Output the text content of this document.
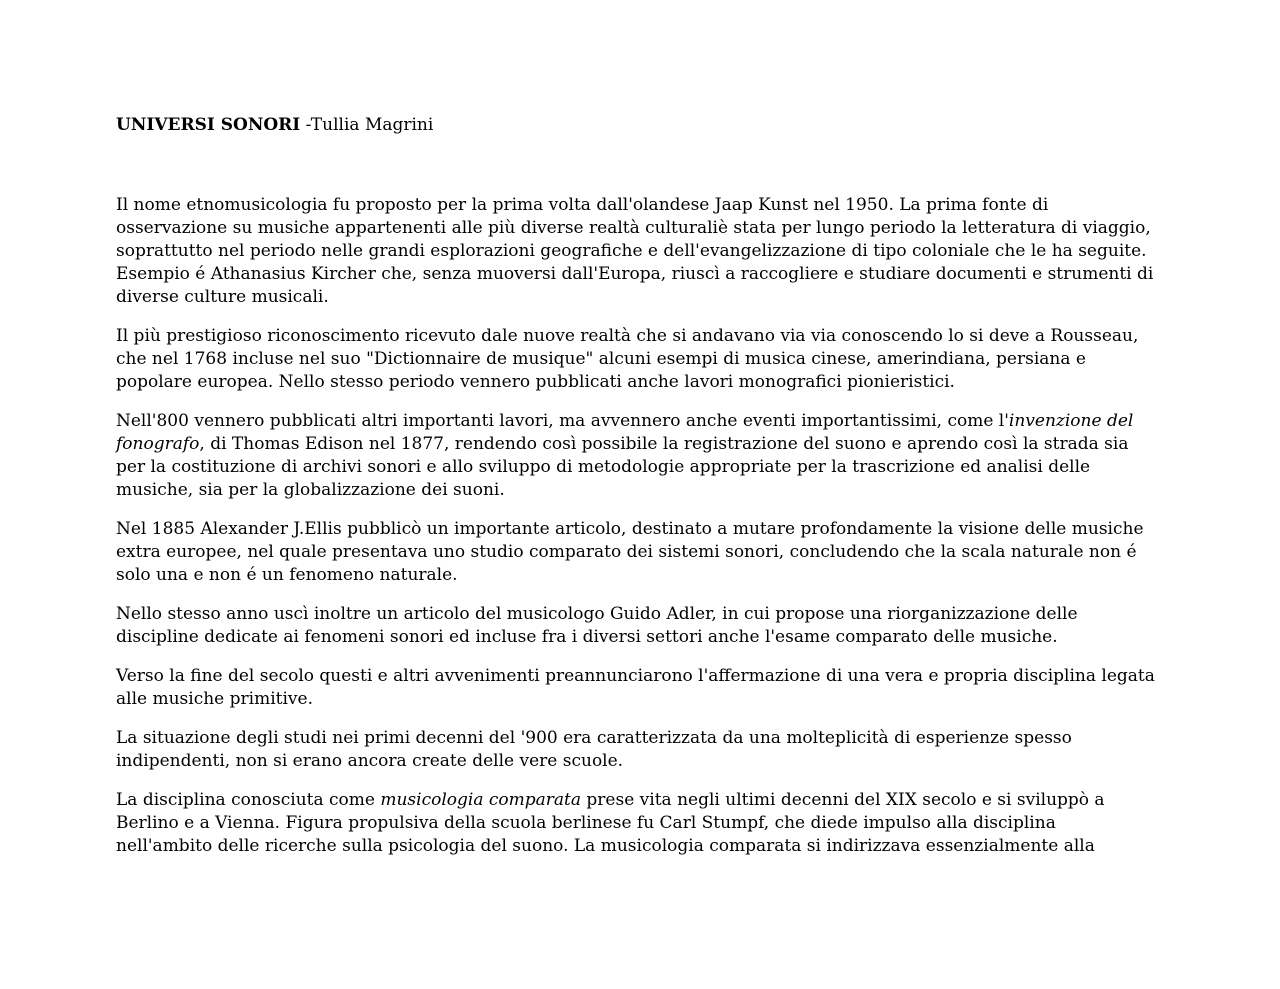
UNIVERSI SONORI -Tullia Magrini

Il nome etnomusicologia fu proposto per la prima volta dall'olandese Jaap Kunst nel 1950. La prima fonte di osservazione su musiche appartenenti alle più diverse realtà culturaliè stata per lungo periodo la letteratura di viaggio, soprattutto nel periodo nelle grandi esplorazioni geografiche e dell'evangelizzazione di tipo coloniale che le ha seguite. Esempio é Athanasius Kircher che, senza muoversi dall'Europa, riuscì a raccogliere e studiare documenti e strumenti di diverse culture musicali.

Il più prestigioso riconoscimento ricevuto dale nuove realtà che si andavano via via conoscendo lo si deve a Rousseau, che nel 1768 incluse nel suo "Dictionnaire de musique" alcuni esempi di musica cinese, amerindiana, persiana e popolare europea. Nello stesso periodo vennero pubblicati anche lavori monografici pionieristici.

Nell'800 vennero pubblicati altri importanti lavori, ma avvennero anche eventi importantissimi, come l'invenzione del fonografo, di Thomas Edison nel 1877, rendendo così possibile la registrazione del suono e aprendo così la strada sia per la costituzione di archivi sonori e allo sviluppo di metodologie appropriate per la trascrizione ed analisi delle musiche, sia per la globalizzazione dei suoni.

Nel 1885 Alexander J.Ellis pubblicò un importante articolo, destinato a mutare profondamente la visione delle musiche extra europee, nel quale presentava uno studio comparato dei sistemi sonori, concludendo che la scala naturale non é solo una e non é un fenomeno naturale.

Nello stesso anno uscì inoltre un articolo del musicologo Guido Adler, in cui propose una riorganizzazione delle discipline dedicate ai fenomeni sonori ed incluse fra i diversi settori anche l'esame comparato delle musiche.

Verso la fine del secolo questi e altri avvenimenti preannunciarono l'affermazione di una vera e propria disciplina legata alle musiche primitive.

La situazione degli studi nei primi decenni del '900 era caratterizzata da una molteplicità di esperienze spesso indipendenti, non si erano ancora create delle vere scuole.

La disciplina conosciuta come musicologia comparata prese vita negli ultimi decenni del XIX secolo e si sviluppò a Berlino e a Vienna. Figura propulsiva della scuola berlinese fu Carl Stumpf, che diede impulso alla disciplina nell'ambito delle ricerche sulla psicologia del suono. La musicologia comparata si indirizzava essenzialmente alla
